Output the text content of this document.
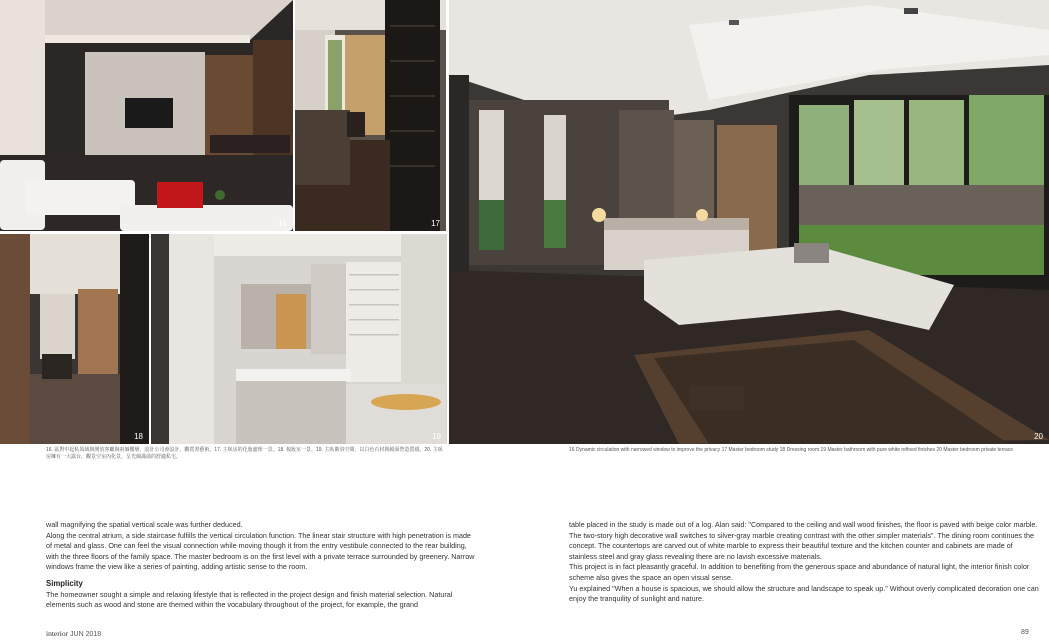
16	17
18	19	20
16. 區對中起私領域與開放客廳與兩個樓層，設計公司會設計，觀賞書藝術。17. 主臥房的化妝處理一景。18. 梳妝室一景。19. 主臥衛浴空間，以白色石材與鏡面營造質感。20. 主臥房擁有一大露台，觀景空室內化景，呈光線滿溢的舒適私宅。
16 Dynamic circulation with narrowed window to improve the privacy 17 Master bedroom study 18 Dressing room 19 Master bathroom with pure white refined finishes 20 Master bedroom private terrace
wall magnifying the spatial vertical scale was further deduced.
Along the central atrium, a side staircase fulfills the vertical circulation function. The linear stair structure with high penetration is made of metal and glass. One can feel the visual connection while moving though it from the entry vestibule connected to the rear building, with the three floors of the family space. The master bedroom is on the first level with a private terrace surrounded by greenery. Narrow windows frame the view like a series of painting, adding artistic sense to the room.
Simplicity
The homeowner sought a simple and relaxing lifestyle that is reflected in the project design and finish material selection. Natural elements such as wood and stone are themed within the vocabulary throughout of the project, for example, the grand
table placed in the study is made out of a log. Alan said: "Compared to the ceiling and wall wood finishes, the floor is paved with beige color marble. The two-story high decorative wall switches to silver-gray marble creating contrast with the other simpler materials". The dining room continues the concept. The countertops are carved out of white marble to express their beautiful texture and the kitchen counter and cabinets are made of stainless steel and gray glass revealing there are no lavish excessive materials.
This project is in fact pleasantly graceful. In addition to benefiting from the generous space and abundance of natural light, the interior finish color scheme also gives the space an open visual sense.
Yu explained "When a house is spacious, we should allow the structure and landscape to speak up." Without overly complicated decoration one can enjoy the tranquility of sunlight and nature.
interior JUN 2018	89
